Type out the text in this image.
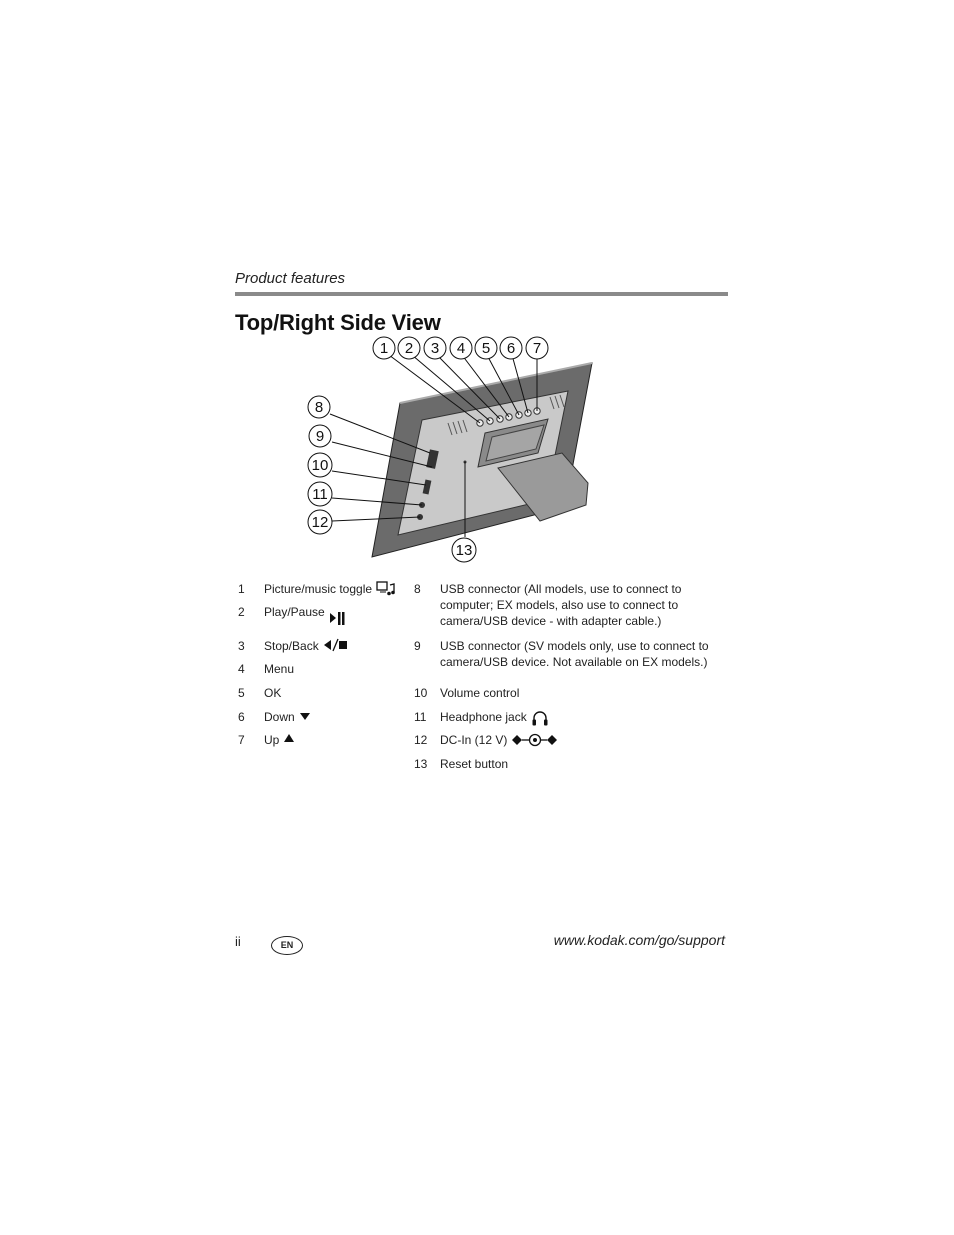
Product features
Top/Right Side View
1 2 3 4 5 6 7
8
9
10
11
12
13
1	Picture/music toggle
2	Play/Pause
3	Stop/Back
4	Menu
5	OK
6	Down
7	Up
8	USB connector (All models, use to connect to computer; EX models, also use to connect to camera/USB device - with adapter cable.)
9	USB connector (SV models only, use to connect to camera/USB device. Not available on EX models.)
10	Volume control
11	Headphone jack
12	DC-In (12 V)
13	Reset button
ii	EN	www.kodak.com/go/support
